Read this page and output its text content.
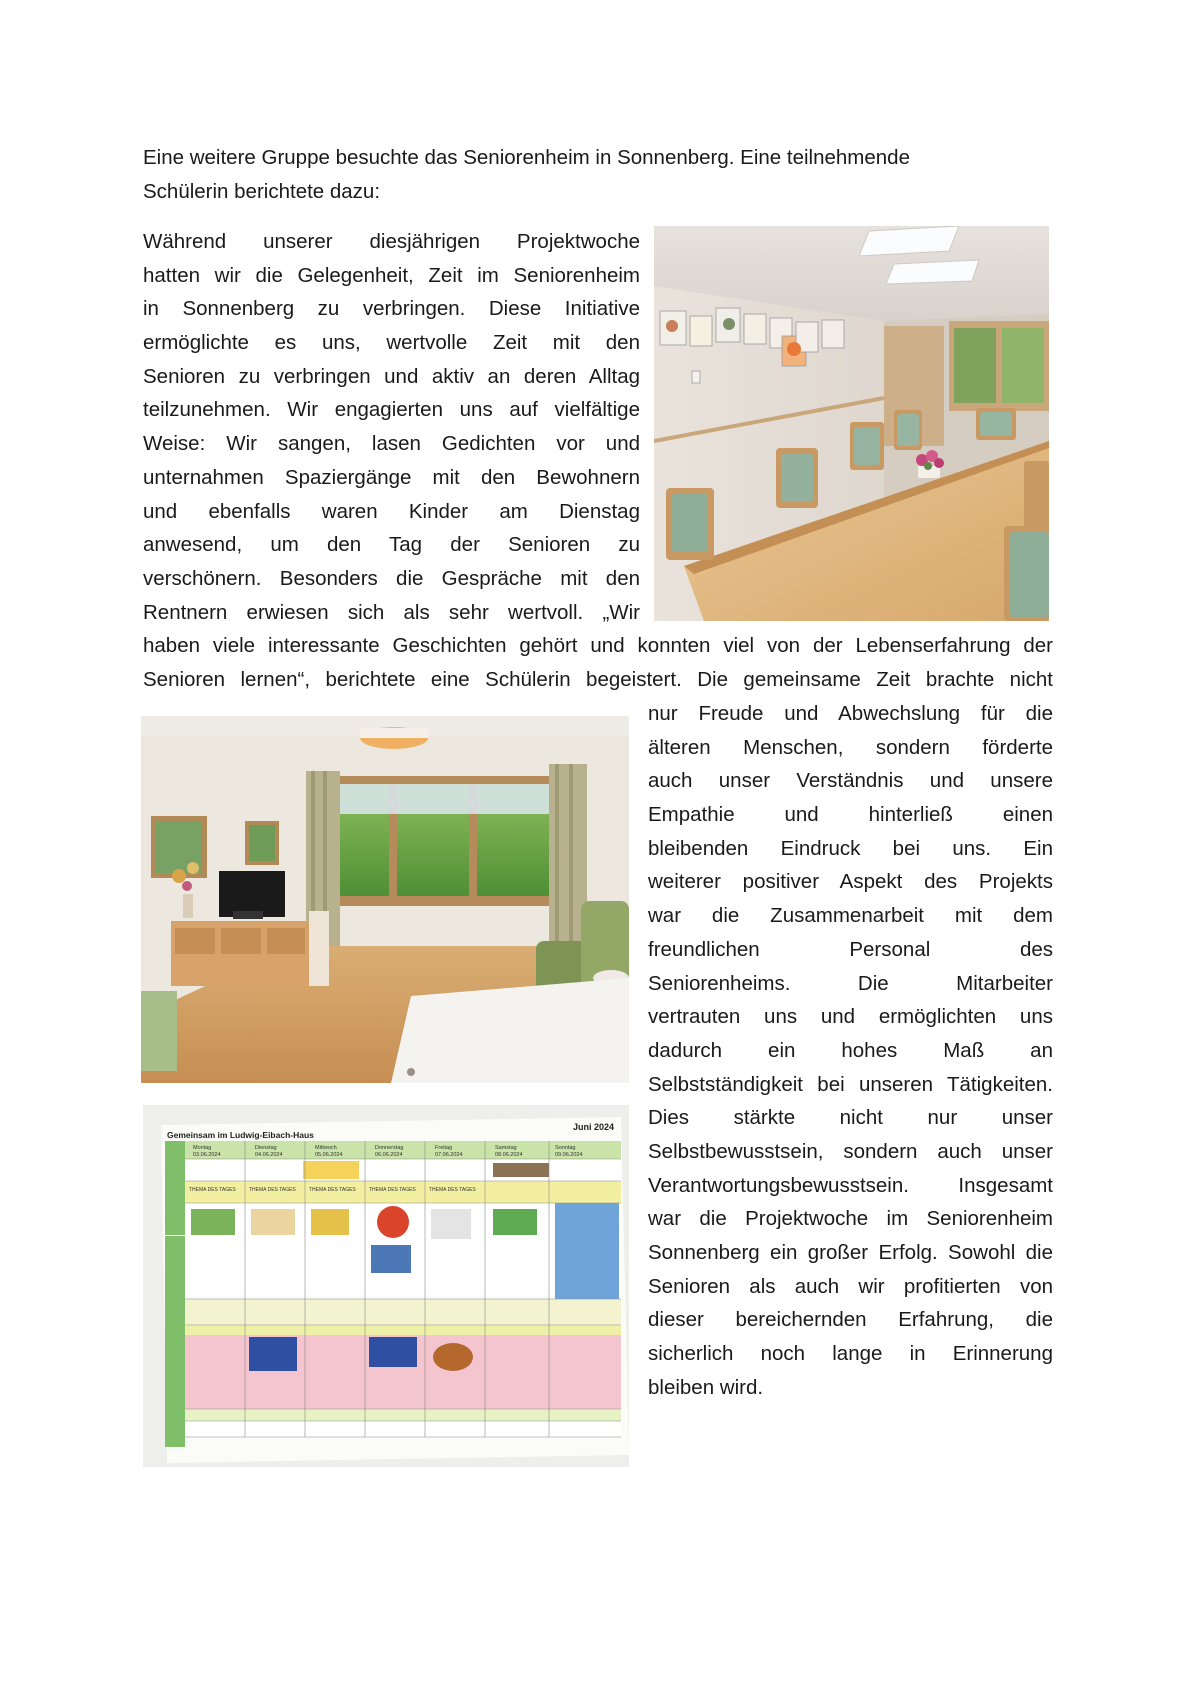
Eine weitere Gruppe besuchte das Seniorenheim in Sonnenberg. Eine teilnehmende
Schülerin berichtete dazu:
Während unserer diesjährigen Projektwoche
hatten wir die Gelegenheit, Zeit im Seniorenheim
in Sonnenberg zu verbringen. Diese Initiative
ermöglichte es uns, wertvolle Zeit mit den
Senioren zu verbringen und aktiv an deren Alltag
teilzunehmen. Wir engagierten uns auf vielfältige
Weise: Wir sangen, lasen Gedichten vor und
unternahmen Spaziergänge mit den Bewohnern
und ebenfalls waren Kinder am Dienstag
anwesend, um den Tag der Senioren zu
verschönern. Besonders die Gespräche mit den
Rentnern erwiesen sich als sehr wertvoll. „Wir
haben viele interessante Geschichten gehört und konnten viel von der Lebenserfahrung der
Senioren lernen“, berichtete eine Schülerin begeistert. Die gemeinsame Zeit brachte nicht
nur Freude und Abwechslung für die
älteren Menschen, sondern förderte
auch unser Verständnis und unsere
Empathie und hinterließ einen
bleibenden Eindruck bei uns. Ein
weiterer positiver Aspekt des Projekts
war die Zusammenarbeit mit dem
freundlichen Personal des
Seniorenheims. Die Mitarbeiter
vertrauten uns und ermöglichten uns
dadurch ein hohes Maß an
Selbstständigkeit bei unseren Tätigkeiten.
Dies stärkte nicht nur unser
Selbstbewusstsein, sondern auch unser
Verantwortungsbewusstsein. Insgesamt
war die Projektwoche im Seniorenheim
Sonnenberg ein großer Erfolg. Sowohl die
Senioren als auch wir profitierten von
dieser bereichernden Erfahrung, die
sicherlich noch lange in Erinnerung
bleiben wird.
Gemeinsam im Ludwig-Eibach-Haus
Juni 2024
Montag	Dienstag	Mittwoch	Donnerstag	Freitag	Samstag	Sonntag
03.06.2024	04.06.2024	05.06.2024	06.06.2024	07.06.2024	08.06.2024	09.06.2024
THEMA DES TAGES	THEMA DES TAGES	THEMA DES TAGES	THEMA DES TAGES	THEMA DES TAGES
